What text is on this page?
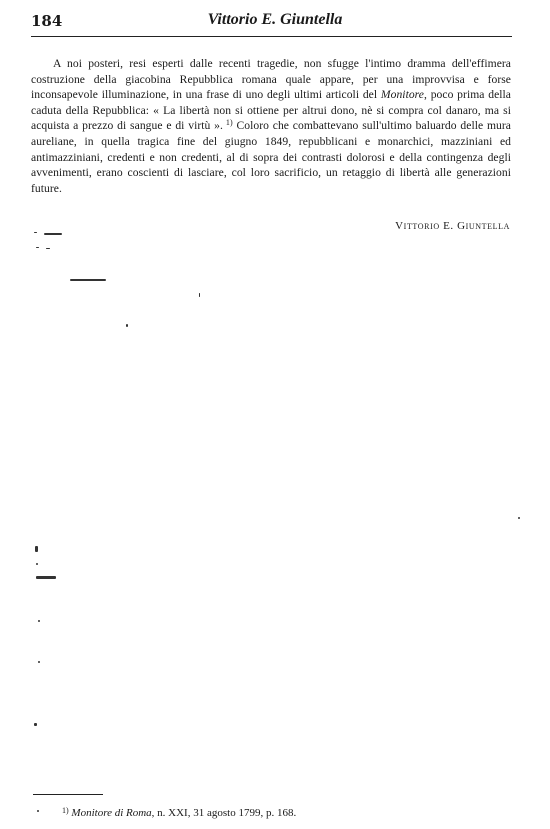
184	Vittorio E. Giuntella

A noi posteri, resi esperti dalle recenti tragedie, non sfugge l'intimo dramma dell'effimera costruzione della giacobina Repubblica romana quale appare, per una improvvisa e forse inconsapevole illuminazione, in una frase di uno degli ultimi articoli del Monitore, poco prima della caduta della Repubblica: « La libertà non si ottiene per altrui dono, nè si compra col danaro, ma si acquista a prezzo di sangue e di virtù ». $^{1)}$ Coloro che combattevano sull'ultimo baluardo delle mura aureliane, in quella tragica fine del giugno 1849, repubblicani e monarchici, mazziniani ed antimazziniani, credenti e non credenti, al di sopra dei contrasti dolorosi e della contingenza degli avvenimenti, erano coscienti di lasciare, col loro sacrificio, un retaggio di libertà alle generazioni future.

Vittorio E. Giuntella
$^{1)}$ Monitore di Roma, n. XXI, 31 agosto 1799, p. 168.
